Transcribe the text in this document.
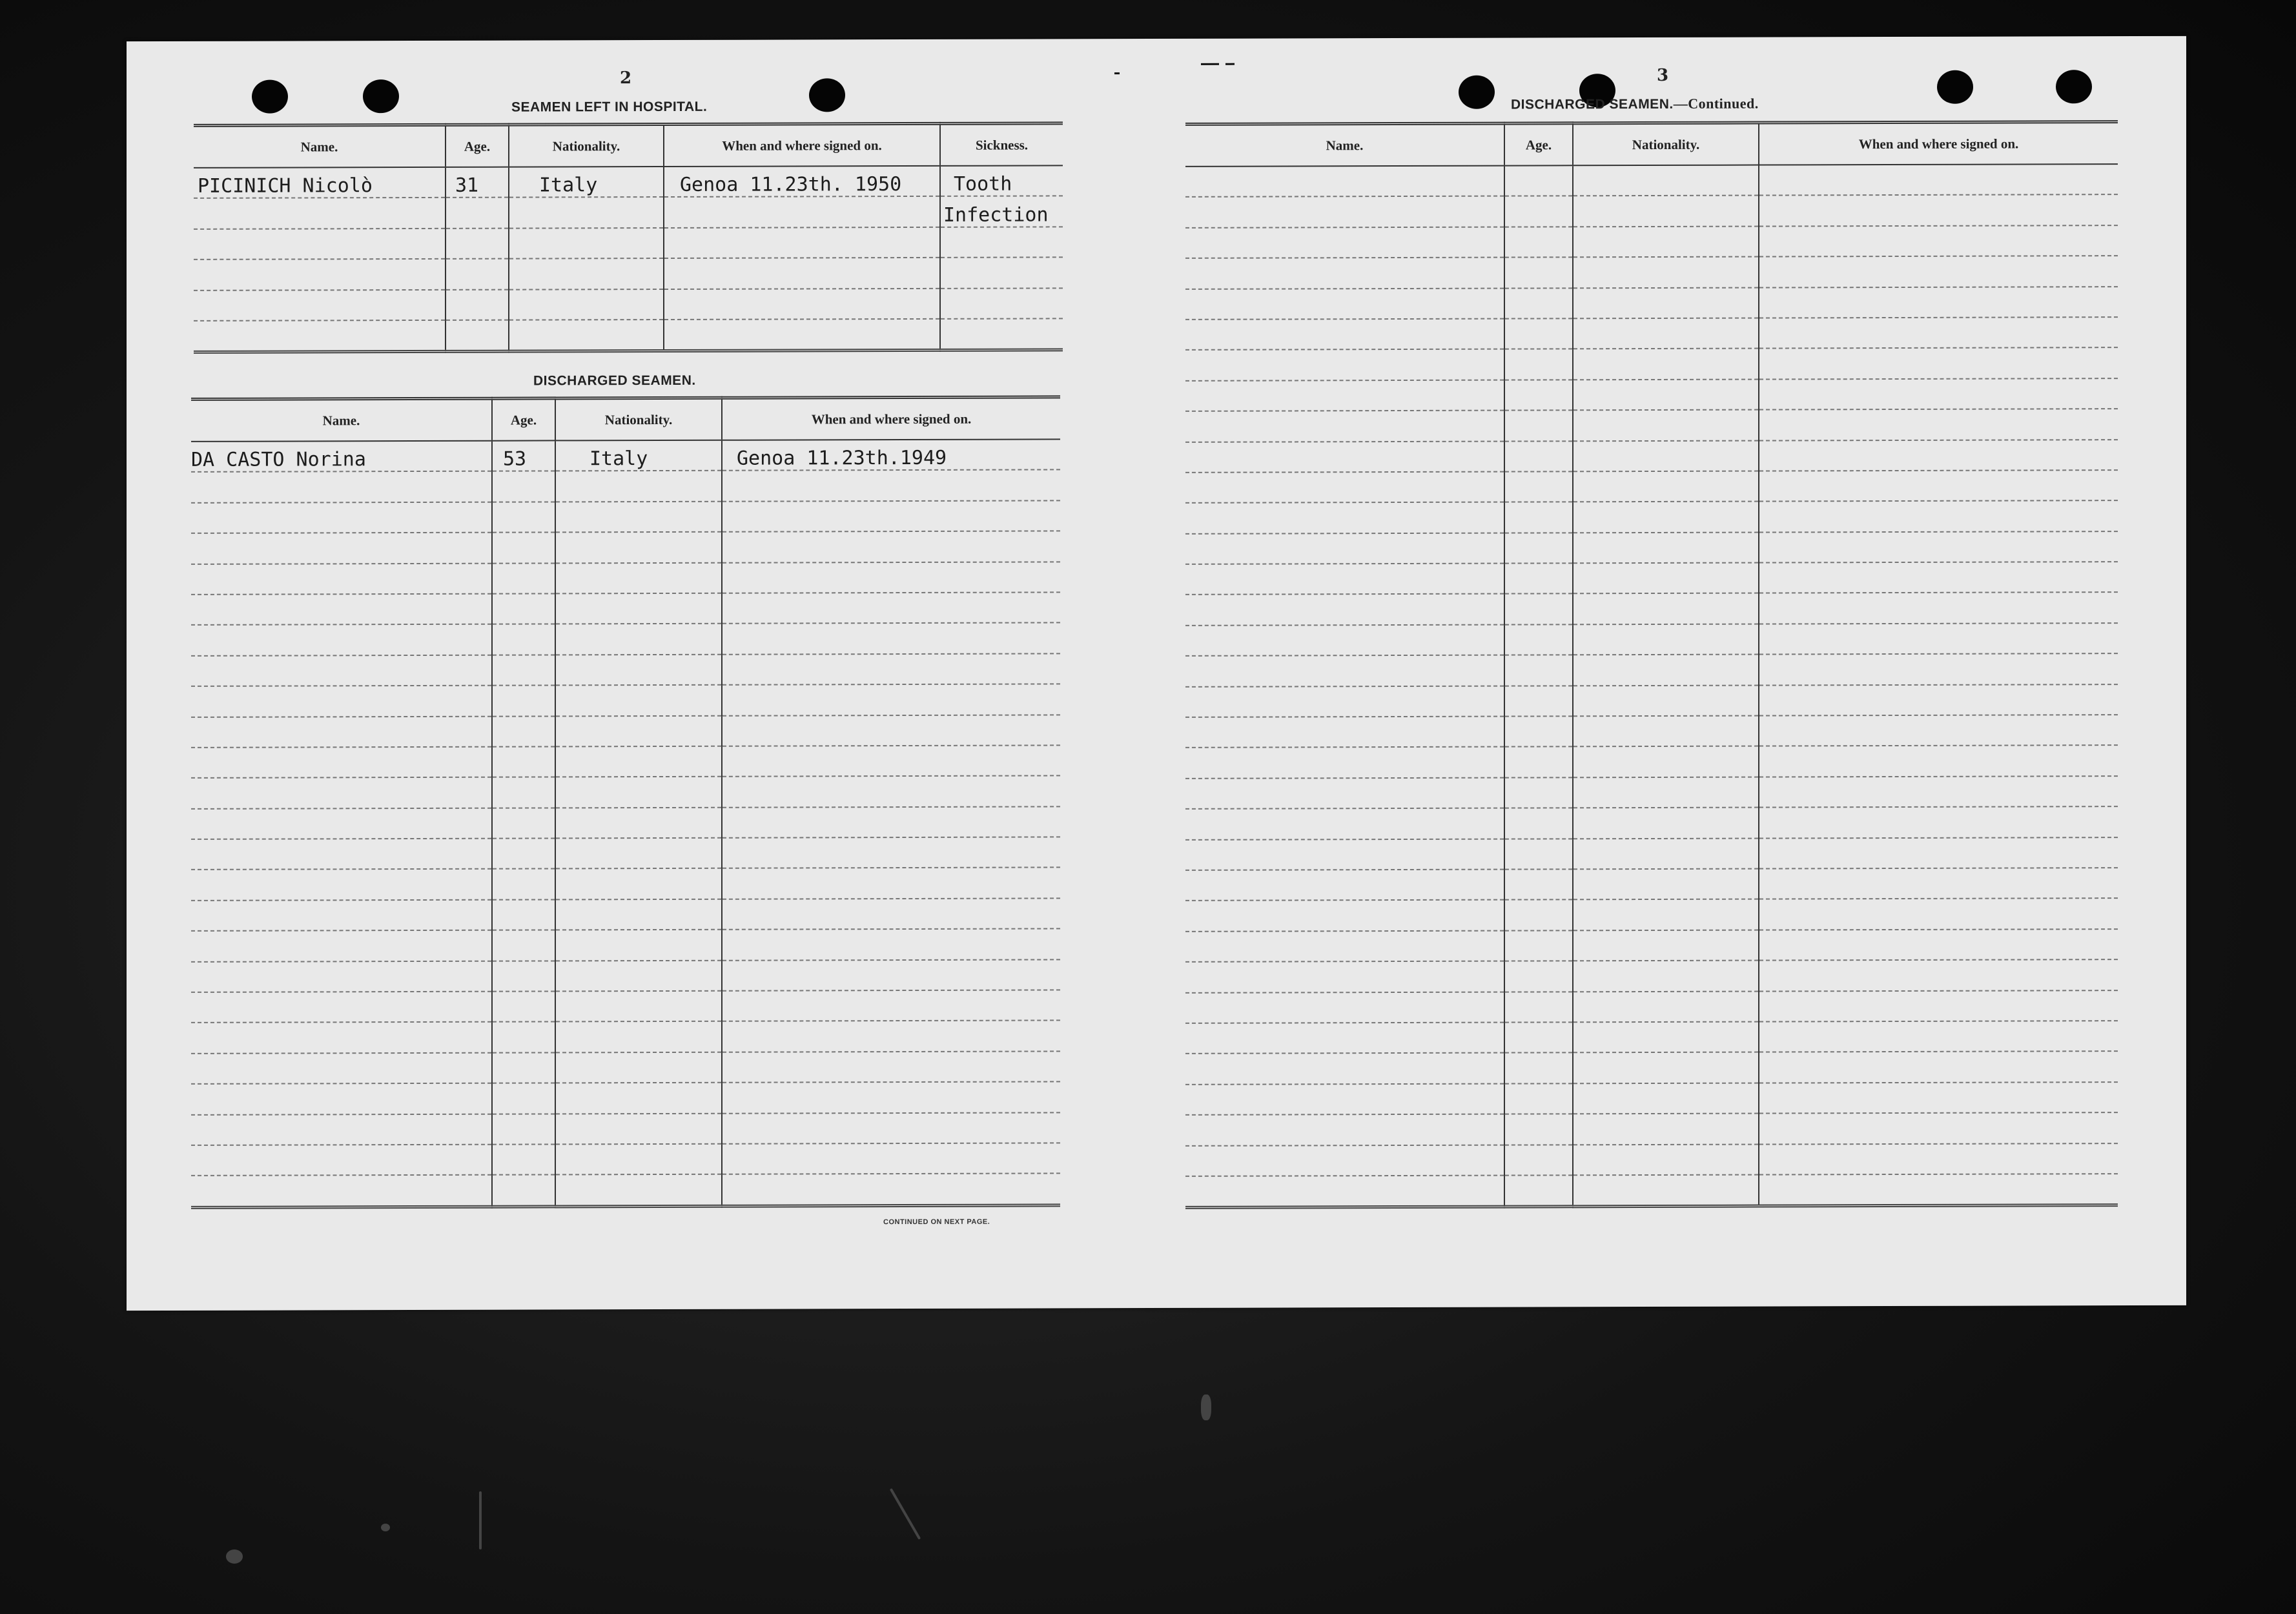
2
SEAMEN LEFT IN HOSPITAL.
Name.	Age.	Nationality.	When and where signed on.	Sickness.
PICINICH Nicolò	31	Italy	Genoa 11.23th. 1950	Tooth
				Infection

DISCHARGED SEAMEN.
Name.	Age.	Nationality.	When and where signed on.
DA CASTO Norina	53	Italy	Genoa 11.23th.1949

CONTINUED ON NEXT PAGE.
3
DISCHARGED SEAMEN.—Continued.
Name.	Age.	Nationality.	When and where signed on.
